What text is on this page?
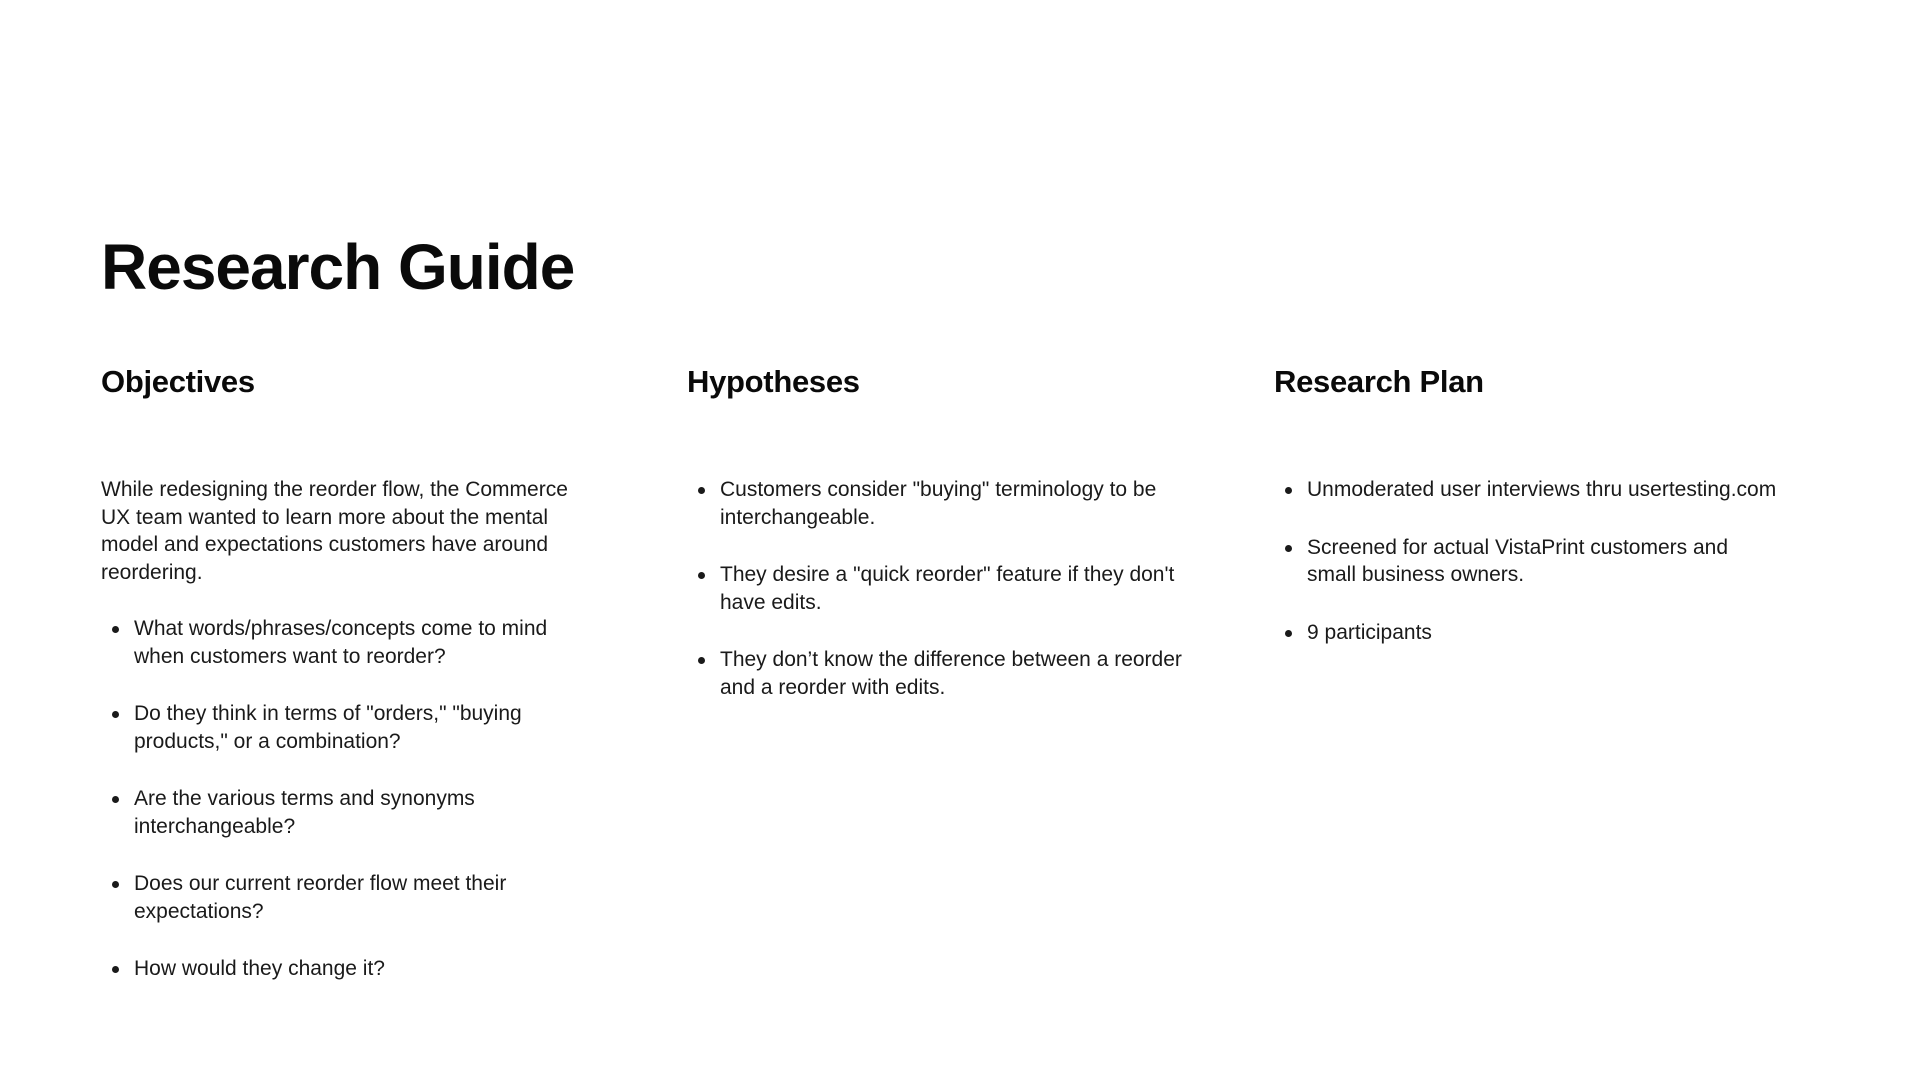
Research Guide
Objectives

While redesigning the reorder flow, the Commerce UX team wanted to learn more about the mental model and expectations customers have around reordering.

What words/phrases/concepts come to mind when customers want to reorder?
Do they think in terms of "orders," "buying products," or a combination?
Are the various terms and synonyms interchangeable?
Does our current reorder flow meet their expectations?
How would they change it?
Hypotheses
Customers consider "buying" terminology to be interchangeable.
They desire a "quick reorder" feature if they don't have edits.
They don’t know the difference between a reorder and a reorder with edits.
Research Plan
Unmoderated user interviews thru usertesting.com
Screened for actual VistaPrint customers and small business owners.
9 participants
